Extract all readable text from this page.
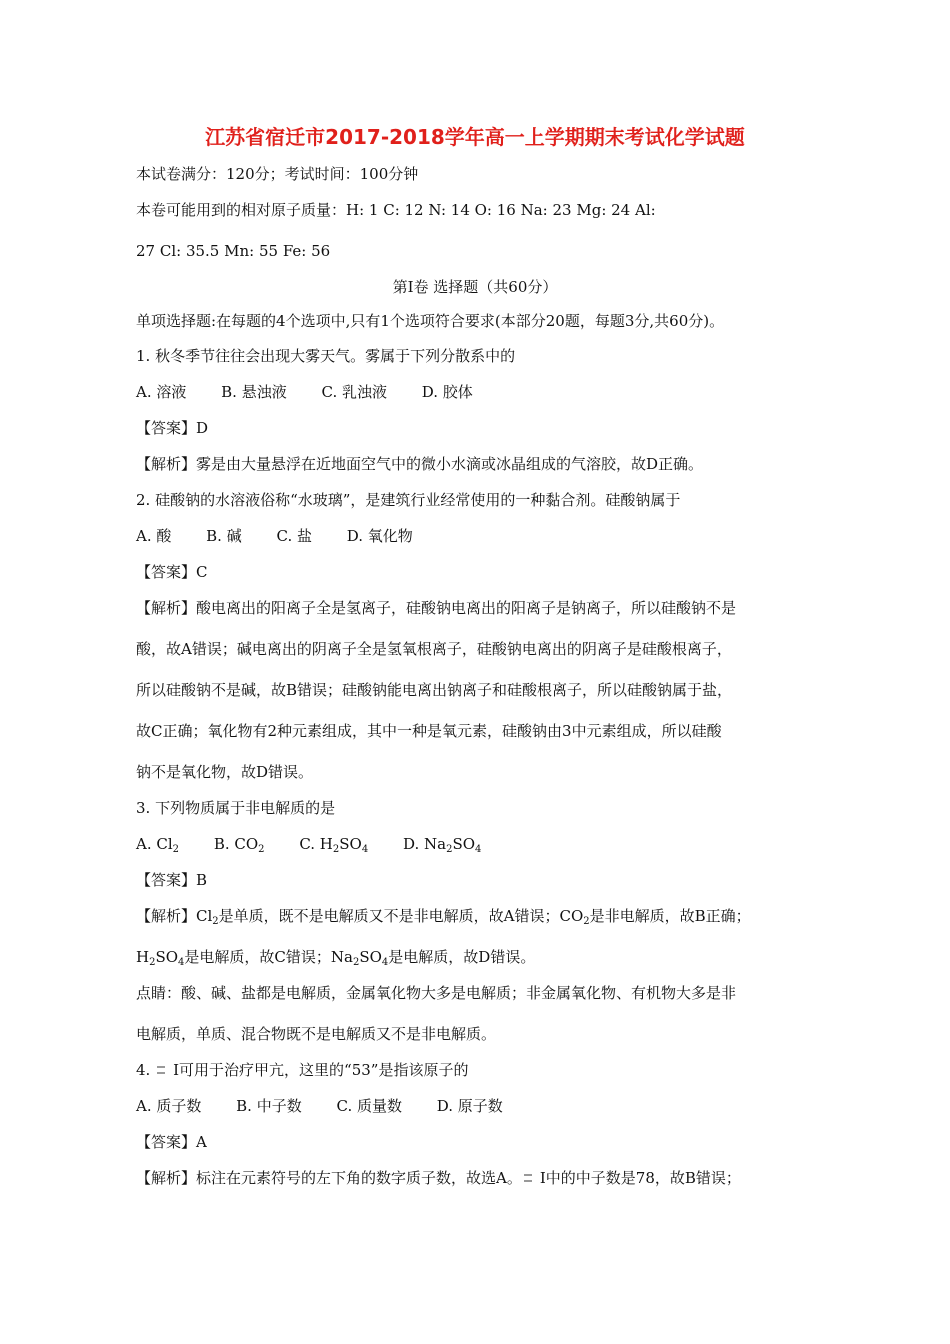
江苏省宿迁市2017-2018学年高一上学期期末考试化学试题
本试卷满分：120分；考试时间：100分钟
本卷可能用到的相对原子质量：H: 1 C: 12 N: 14 O: 16 Na: 23 Mg: 24 Al:
27 Cl: 35.5 Mn: 55 Fe: 56
第Ⅰ卷 选择题（共60分）
单项选择题:在每题的4个选项中,只有1个选项符合要求(本部分20题，每题3分,共60分)。
1. 秋冬季节往往会出现大雾天气。雾属于下列分散系中的
A. 溶液 B. 悬浊液 C. 乳浊液 D. 胶体
【答案】D
【解析】雾是由大量悬浮在近地面空气中的微小水滴或冰晶组成的气溶胶，故D正确。
2. 硅酸钠的水溶液俗称“水玻璃”，是建筑行业经常使用的一种黏合剂。硅酸钠属于
A. 酸 B. 碱 C. 盐 D. 氧化物
【答案】C
【解析】酸电离出的阳离子全是氢离子，硅酸钠电离出的阳离子是钠离子，所以硅酸钠不是
酸，故A错误；碱电离出的阴离子全是氢氧根离子，硅酸钠电离出的阴离子是硅酸根离子，
所以硅酸钠不是碱，故B错误；硅酸钠能电离出钠离子和硅酸根离子，所以硅酸钠属于盐，
故C正确；氧化物有2种元素组成，其中一种是氧元素，硅酸钠由3中元素组成，所以硅酸
钠不是氧化物，故D错误。
3. 下列物质属于非电解质的是
A. $Cl_2$ B. $CO_2$ C. $H_2SO_4$ D. $Na_2SO_4$
【答案】B
【解析】$Cl_2$是单质，既不是电解质又不是非电解质，故A错误；$CO_2$是非电解质，故B正确；
$H_2SO_4$是电解质，故C错误；$Na_2SO_4$是电解质，故D错误。
点睛：酸、碱、盐都是电解质，金属氧化物大多是电解质；非金属氧化物、有机物大多是非
电解质，单质、混合物既不是电解质又不是非电解质。
4.
I可用于治疗甲亢，这里的“53”是指该原子的
A. 质子数 B. 中子数 C. 质量数 D. 原子数
【答案】A
【解析】标注在元素符号的左下角的数字质子数，故选A。 I中的中子数是78，故B错误；
